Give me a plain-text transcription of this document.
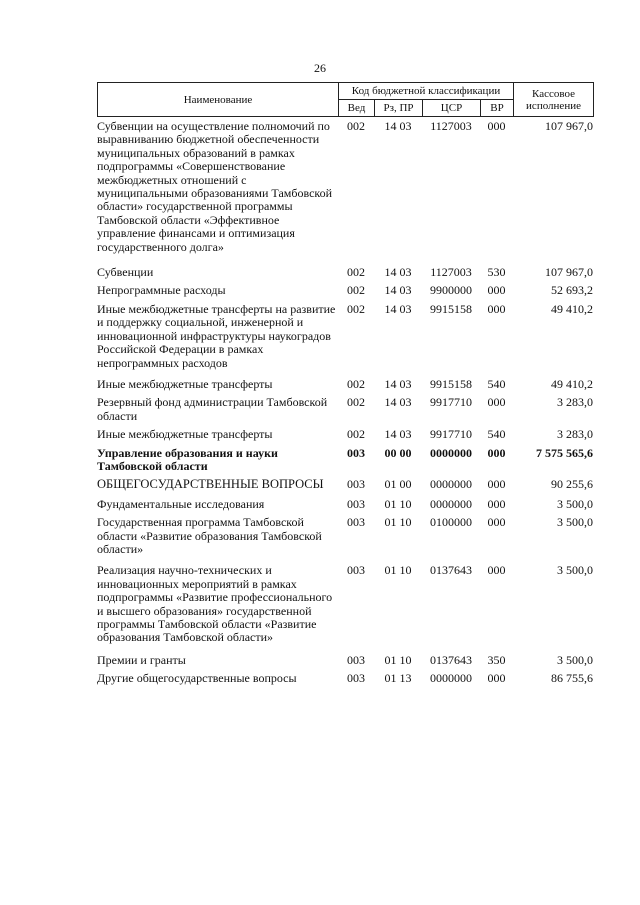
26
Наименование	Код бюджетной классификации				Кассовое исполнение
	Вед	Рз, ПР	ЦСР	ВР	
Субвенции на осуществление полномочий по выравниванию бюджетной обеспеченности муниципальных образований в рамках подпрограммы «Совершенствование межбюджетных отношений с муниципальными образованиями Тамбовской области» государственной программы Тамбовской области «Эффективное управление финансами и оптимизация государственного долга»	002	14 03	1127003	000	107 967,0

Субвенции	002	14 03	1127003	530	107 967,0

Непрограммные расходы	002	14 03	9900000	000	52 693,2

Иные межбюджетные трансферты на развитие и поддержку социальной, инженерной и инновационной инфраструктуры наукоградов Российской Федерации в рамках непрограммных расходов	002	14 03	9915158	000	49 410,2

Иные межбюджетные трансферты	002	14 03	9915158	540	49 410,2

Резервный фонд администрации Тамбовской области	002	14 03	9917710	000	3 283,0

Иные межбюджетные трансферты	002	14 03	9917710	540	3 283,0

Управление образования и науки Тамбовской области	003	00 00	0000000	000	7 575 565,6

ОБЩЕГОСУДАРСТВЕННЫЕ ВОПРОСЫ	003	01 00	0000000	000	90 255,6

Фундаментальные исследования	003	01 10	0000000	000	3 500,0

Государственная программа Тамбовской области «Развитие образования Тамбовской области»	003	01 10	0100000	000	3 500,0

Реализация научно-технических и инновационных мероприятий в рамках подпрограммы «Развитие профессионального и высшего образования» государственной программы Тамбовской области «Развитие образования Тамбовской области»	003	01 10	0137643	000	3 500,0

Премии и гранты	003	01 10	0137643	350	3 500,0

Другие общегосударственные вопросы	003	01 13	0000000	000	86 755,6
